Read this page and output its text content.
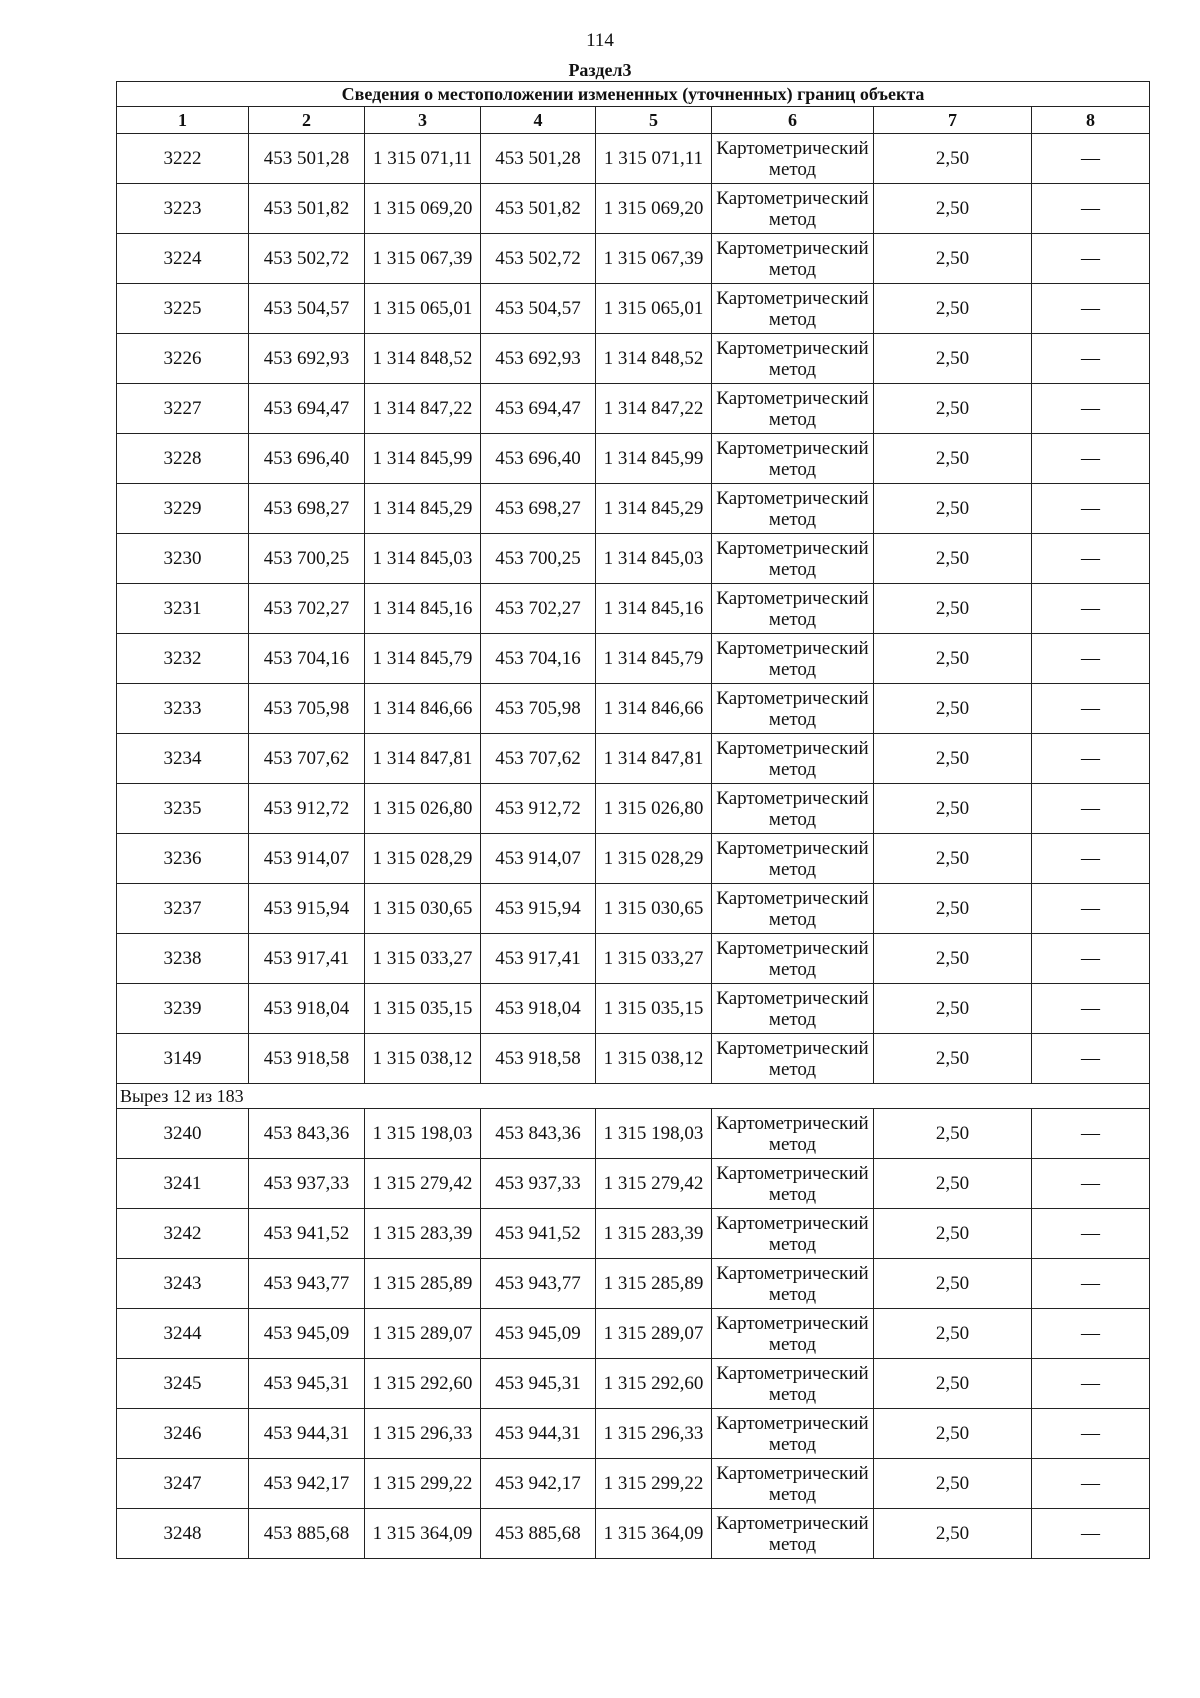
114
Раздел3
Сведения о местоположении измененных (уточненных) границ объекта							
1	2	3	4	5	6	7	8
3222	453 501,28	1 315 071,11	453 501,28	1 315 071,11	Картометрический метод	2,50	—
3223	453 501,82	1 315 069,20	453 501,82	1 315 069,20	Картометрический метод	2,50	—
3224	453 502,72	1 315 067,39	453 502,72	1 315 067,39	Картометрический метод	2,50	—
3225	453 504,57	1 315 065,01	453 504,57	1 315 065,01	Картометрический метод	2,50	—
3226	453 692,93	1 314 848,52	453 692,93	1 314 848,52	Картометрический метод	2,50	—
3227	453 694,47	1 314 847,22	453 694,47	1 314 847,22	Картометрический метод	2,50	—
3228	453 696,40	1 314 845,99	453 696,40	1 314 845,99	Картометрический метод	2,50	—
3229	453 698,27	1 314 845,29	453 698,27	1 314 845,29	Картометрический метод	2,50	—
3230	453 700,25	1 314 845,03	453 700,25	1 314 845,03	Картометрический метод	2,50	—
3231	453 702,27	1 314 845,16	453 702,27	1 314 845,16	Картометрический метод	2,50	—
3232	453 704,16	1 314 845,79	453 704,16	1 314 845,79	Картометрический метод	2,50	—
3233	453 705,98	1 314 846,66	453 705,98	1 314 846,66	Картометрический метод	2,50	—
3234	453 707,62	1 314 847,81	453 707,62	1 314 847,81	Картометрический метод	2,50	—
3235	453 912,72	1 315 026,80	453 912,72	1 315 026,80	Картометрический метод	2,50	—
3236	453 914,07	1 315 028,29	453 914,07	1 315 028,29	Картометрический метод	2,50	—
3237	453 915,94	1 315 030,65	453 915,94	1 315 030,65	Картометрический метод	2,50	—
3238	453 917,41	1 315 033,27	453 917,41	1 315 033,27	Картометрический метод	2,50	—
3239	453 918,04	1 315 035,15	453 918,04	1 315 035,15	Картометрический метод	2,50	—
3149	453 918,58	1 315 038,12	453 918,58	1 315 038,12	Картометрический метод	2,50	—
Вырез 12 из 183							
3240	453 843,36	1 315 198,03	453 843,36	1 315 198,03	Картометрический метод	2,50	—
3241	453 937,33	1 315 279,42	453 937,33	1 315 279,42	Картометрический метод	2,50	—
3242	453 941,52	1 315 283,39	453 941,52	1 315 283,39	Картометрический метод	2,50	—
3243	453 943,77	1 315 285,89	453 943,77	1 315 285,89	Картометрический метод	2,50	—
3244	453 945,09	1 315 289,07	453 945,09	1 315 289,07	Картометрический метод	2,50	—
3245	453 945,31	1 315 292,60	453 945,31	1 315 292,60	Картометрический метод	2,50	—
3246	453 944,31	1 315 296,33	453 944,31	1 315 296,33	Картометрический метод	2,50	—
3247	453 942,17	1 315 299,22	453 942,17	1 315 299,22	Картометрический метод	2,50	—
3248	453 885,68	1 315 364,09	453 885,68	1 315 364,09	Картометрический метод	2,50	—
